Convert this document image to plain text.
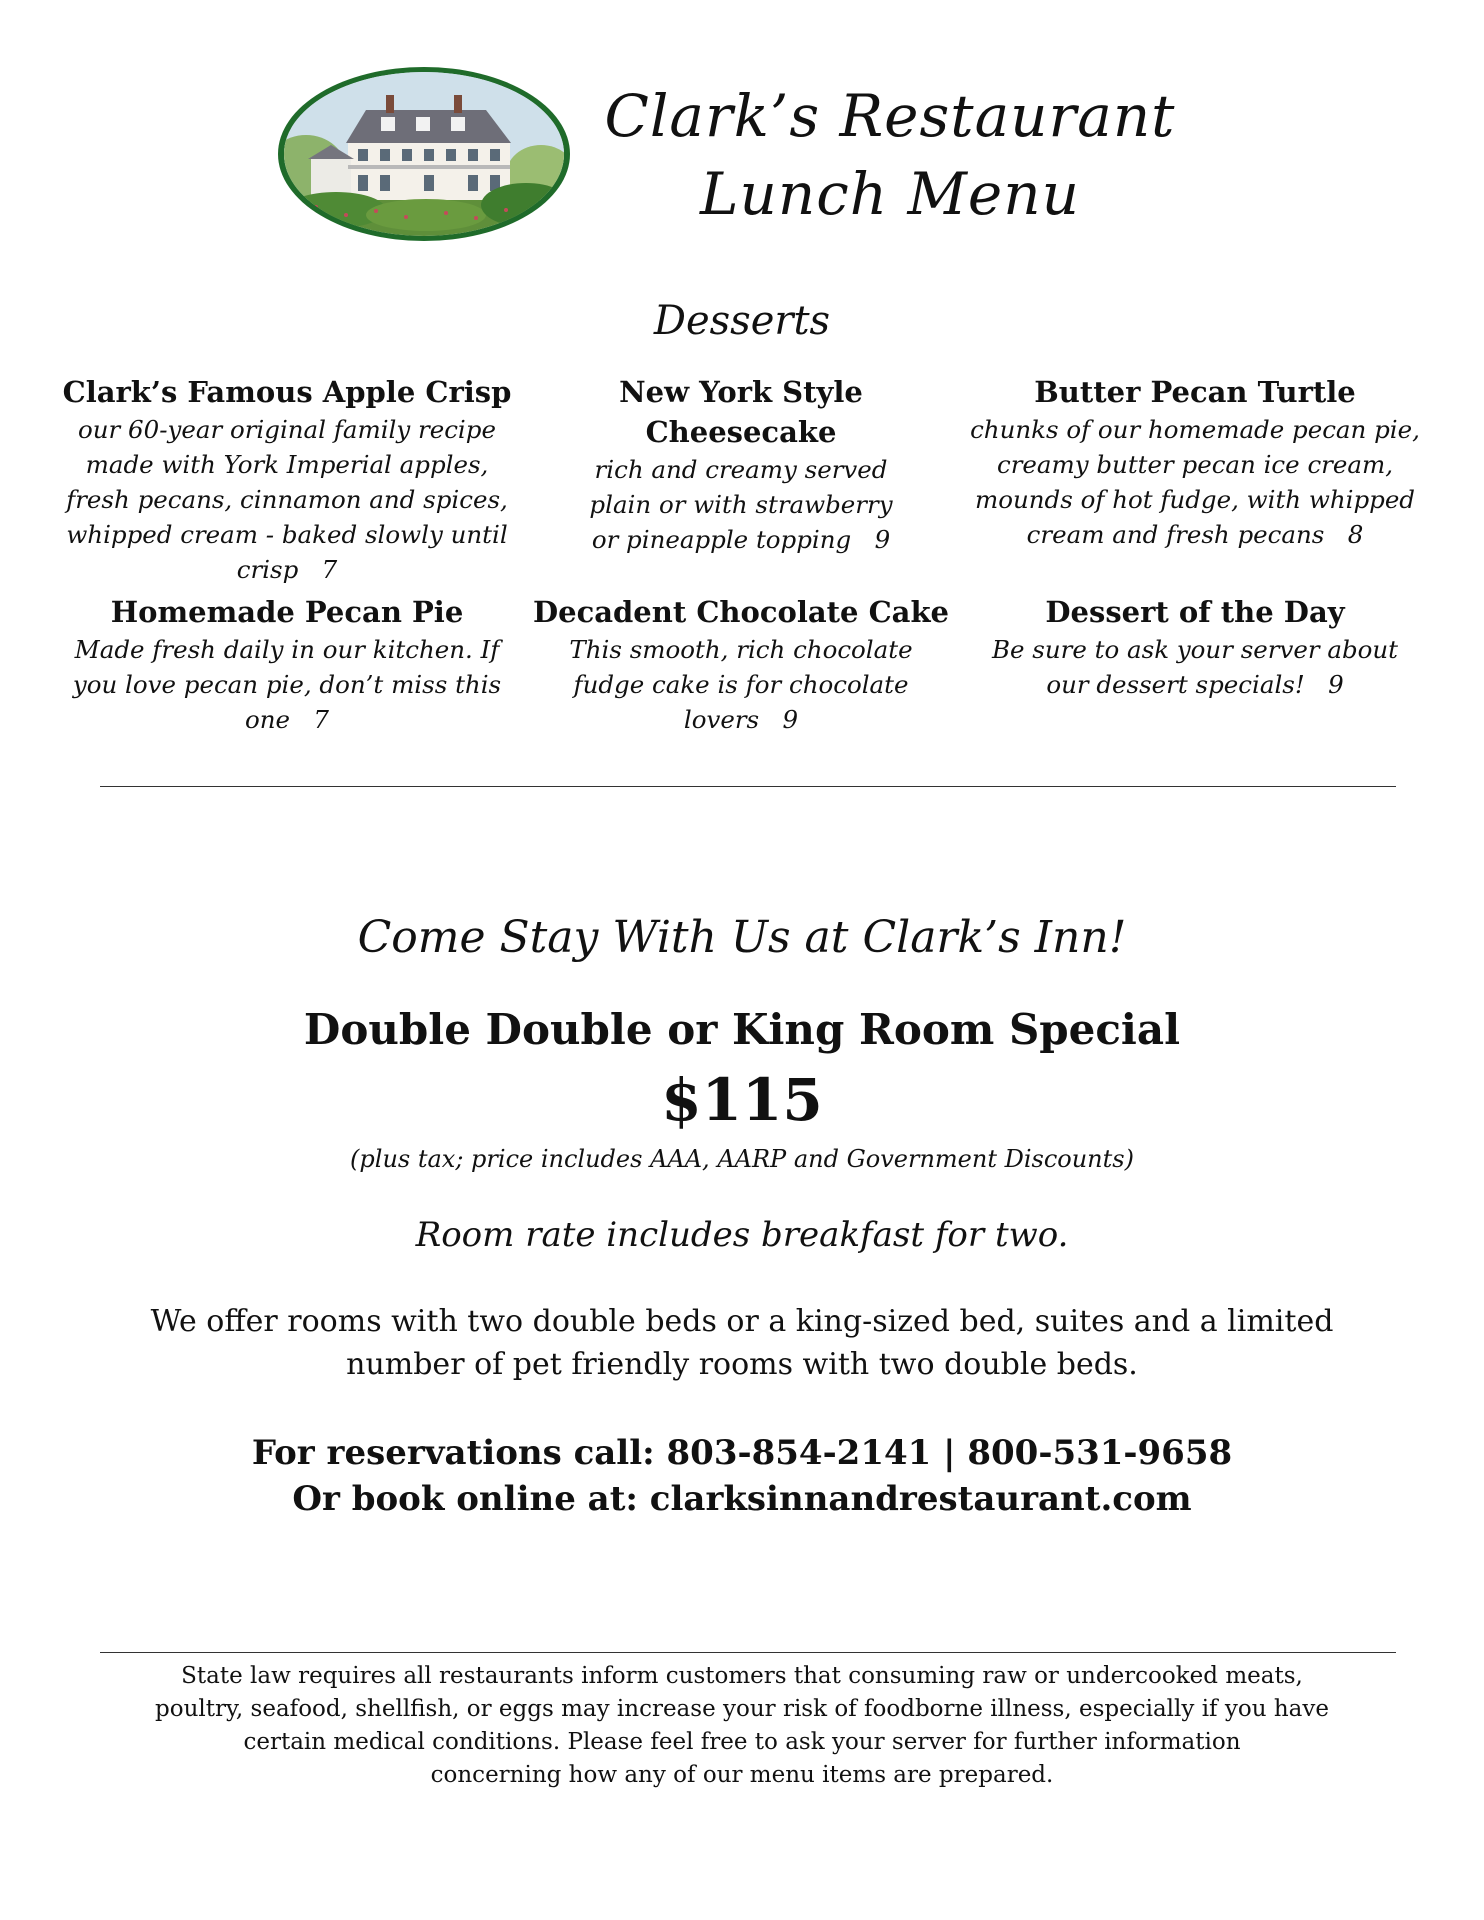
Clark’s Restaurant
Lunch Menu
Desserts
Clark’s Famous Apple Crisp
our 60-year original family recipe made with York Imperial apples, fresh pecans, cinnamon and spices, whipped cream - baked slowly until crisp 7
New York Style Cheesecake
rich and creamy served plain or with strawberry or pineapple topping 9
Butter Pecan Turtle
chunks of our homemade pecan pie, creamy butter pecan ice cream, mounds of hot fudge, with whipped cream and fresh pecans 8
Homemade Pecan Pie
Made fresh daily in our kitchen. If you love pecan pie, don’t miss this one 7
Decadent Chocolate Cake
This smooth, rich chocolate fudge cake is for chocolate lovers 9
Dessert of the Day
Be sure to ask your server about our dessert specials! 9
Come Stay With Us at Clark’s Inn!
Double Double or King Room Special
$115
(plus tax; price includes AAA, AARP and Government Discounts)
Room rate includes breakfast for two.
We offer rooms with two double beds or a king-sized bed, suites and a limited
number of pet friendly rooms with two double beds.
For reservations call: 803-854-2141 | 800-531-9658
Or book online at: clarksinnandrestaurant.com
State law requires all restaurants inform customers that consuming raw or undercooked meats,
poultry, seafood, shellfish, or eggs may increase your risk of foodborne illness, especially if you have
certain medical conditions. Please feel free to ask your server for further information
concerning how any of our menu items are prepared.
